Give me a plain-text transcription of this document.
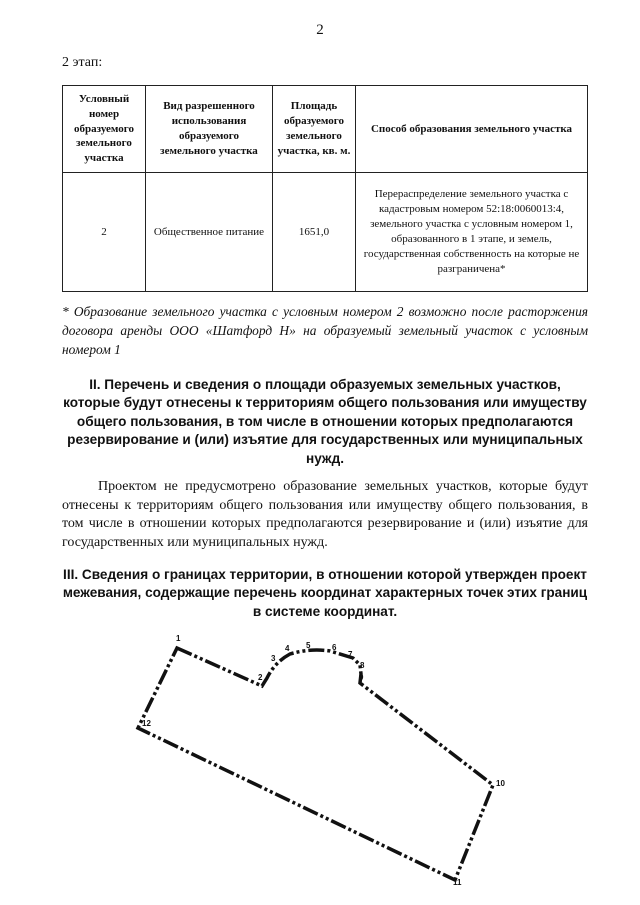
2
2 этап:
Условный номер образуемого земельного участка	Вид разрешенного использования образуемого земельного участка	Площадь образуемого земельного участка, кв. м.	Способ образования земельного участка
2	Общественное питание	1651,0	Перераспределение земельного участка с кадастровым номером 52:18:0060013:4, земельного участка с условным номером 1, образованного в 1 этапе, и земель, государственная собственность на которые не разграничена*
* Образование земельного участка с условным номером 2 возможно после расторжения договора аренды ООО «Шатфорд Н» на образуемый земельный участок с условным номером 1
II. Перечень и сведения о площади образуемых земельных участков, которые будут отнесены к территориям общего пользования или имуществу общего пользования, в том числе в отношении которых предполагаются резервирование и (или) изъятие для государственных или муниципальных нужд.
Проектом не предусмотрено образование земельных участков, которые будут отнесены к территориям общего пользования или имуществу общего пользования, в том числе в отношении которых предполагаются резервирование и (или) изъятие для государственных или муниципальных нужд.
III. Сведения о границах территории, в отношении которой утвержден проект межевания, содержащие перечень координат характерных точек этих границ в системе координат.
1
2
3
4 5	6
7
8
9
10
11
12
